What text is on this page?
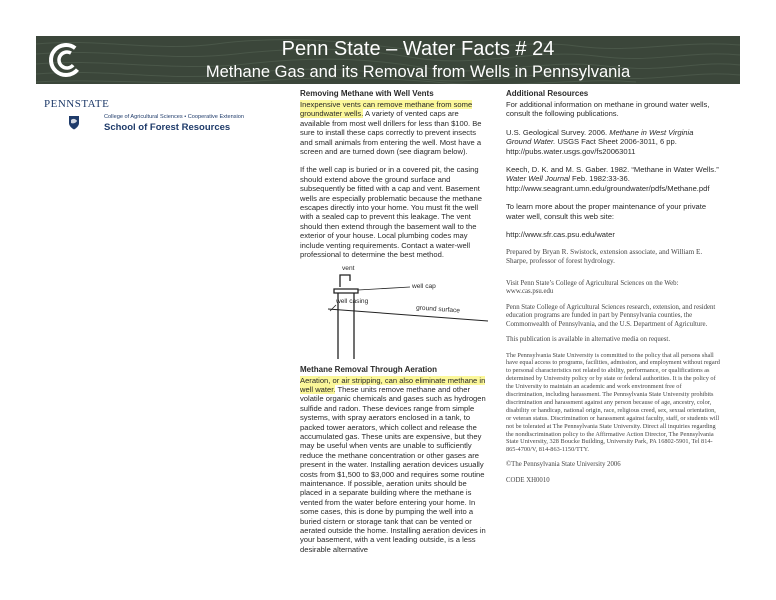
Penn State – Water Facts # 24
Methane Gas and its Removal from Wells in Pennsylvania
PENNSTATE
College of Agricultural Sciences • Cooperative Extension
School of Forest Resources
Removing Methane with Well Vents
Inexpensive vents can remove methane from some groundwater wells. A variety of vented caps are available from most well drillers for less than $100. Be sure to install these caps correctly to prevent insects and small animals from entering the well. Most have a screen and are turned down (see diagram below).
If the well cap is buried or in a covered pit, the casing should extend above the ground surface and subsequently be fitted with a cap and vent. Basement wells are especially problematic because the methane escapes directly into your home. You must fit the well with a sealed cap to prevent this leakage. The vent should then extend through the basement wall to the exterior of your house. Local plumbing codes may include venting requirements. Contact a water-well professional to determine the best method.
vent
well cap
well casing
ground surface
Methane Removal Through Aeration
Aeration, or air stripping, can also eliminate methane in well water. These units remove methane and other volatile organic chemicals and gases such as hydrogen sulfide and radon. These devices range from simple systems, with spray aerators enclosed in a tank, to packed tower aerators, which collect and release the accumulated gas. These units are expensive, but they may be useful when vents are unable to sufficiently reduce the methane concentration or other gases are present in the water. Installing aeration devices usually costs from $1,500 to $3,000 and requires some routine maintenance. If possible, aeration units should be placed in a separate building where the methane is vented from the water before entering your home. In some cases, this is done by pumping the well into a buried cistern or storage tank that can be vented or aerated outside the home. Installing aeration devices in your basement, with a vent leading outside, is a less desirable alternative
Additional Resources
For additional information on methane in ground water wells, consult the following publications.
U.S. Geological Survey. 2006. Methane in West Virginia Ground Water. USGS Fact Sheet 2006-3011, 6 pp. http://pubs.water.usgs.gov/fs20063011
Keech, D. K. and M. S. Gaber. 1982. “Methane in Water Wells.” Water Well Journal Feb. 1982:33-36. http://www.seagrant.umn.edu/groundwater/pdfs/Methane.pdf
To learn more about the proper maintenance of your private water well, consult this web site:
http://www.sfr.cas.psu.edu/water
Prepared by Bryan R. Swistock, extension associate, and William E. Sharpe, professor of forest hydrology.
Visit Penn State’s College of Agricultural Sciences on the Web: www.cas.psu.edu
Penn State College of Agricultural Sciences research, extension, and resident education programs are funded in part by Pennsylvania counties, the Commonwealth of Pennsylvania, and the U.S. Department of Agriculture.
This publication is available in alternative media on request.
The Pennsylvania State University is committed to the policy that all persons shall have equal access to programs, facilities, admission, and employment without regard to personal characteristics not related to ability, performance, or qualifications as determined by University policy or by state or federal authorities. It is the policy of the University to maintain an academic and work environment free of discrimination, including harassment. The Pennsylvania State University prohibits discrimination and harassment against any person because of age, ancestry, color, disability or handicap, national origin, race, religious creed, sex, sexual orientation, or veteran status. Discrimination or harassment against faculty, staff, or students will not be tolerated at The Pennsylvania State University. Direct all inquiries regarding the nondiscrimination policy to the Affirmative Action Director, The Pennsylvania State University, 328 Boucke Building, University Park, PA 16802-5901, Tel 814-865-4700/V, 814-863-1150/TTY.
©The Pennsylvania State University 2006
CODE XH0010
